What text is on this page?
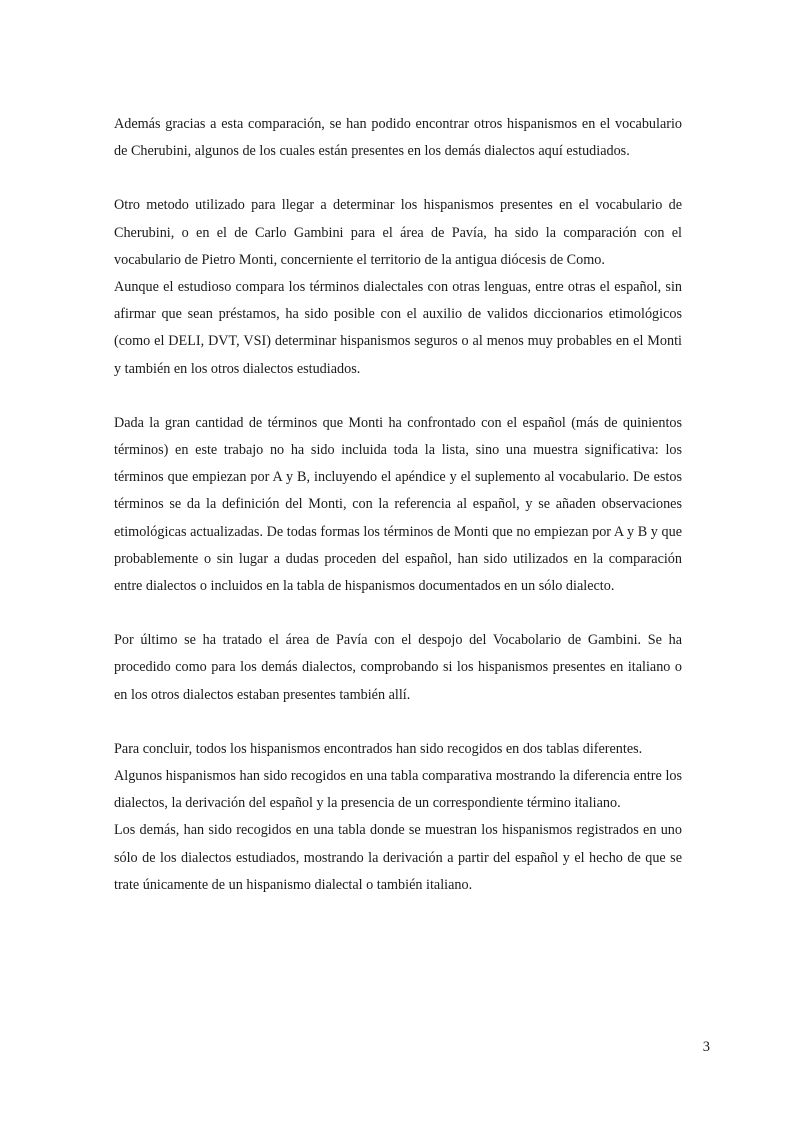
Además gracias a esta comparación, se han podido encontrar otros hispanismos en el vocabulario de Cherubini, algunos de los cuales están presentes en los demás dialectos aquí estudiados.

Otro metodo utilizado para llegar a determinar los hispanismos presentes en el vocabulario de Cherubini, o en el de Carlo Gambini para el área de Pavía, ha sido la comparación con el vocabulario de Pietro Monti, concerniente el territorio de la antigua diócesis de Como.

Aunque el estudioso compara los términos dialectales con otras lenguas, entre otras el español, sin afirmar que sean préstamos, ha sido posible con el auxilio de validos diccionarios etimológicos (como el DELI, DVT, VSI) determinar hispanismos seguros o al menos muy probables en el Monti y también en los otros dialectos estudiados.

Dada la gran cantidad de términos que Monti ha confrontado con el español (más de quinientos términos) en este trabajo no ha sido incluida toda la lista, sino una muestra significativa: los términos que empiezan por A y B, incluyendo el apéndice y el suplemento al vocabulario. De estos términos se da la definición del Monti, con la referencia al español, y se añaden observaciones etimológicas actualizadas. De todas formas los términos de Monti que no empiezan por A y B y que probablemente o sin lugar a dudas proceden del español, han sido utilizados en la comparación entre dialectos o incluidos en la tabla de hispanismos documentados en un sólo dialecto.

Por último se ha tratado el área de Pavía con el despojo del Vocabolario de Gambini. Se ha procedido como para los demás dialectos, comprobando si los hispanismos presentes en italiano o en los otros dialectos estaban presentes también allí.

Para concluir, todos los hispanismos encontrados han sido recogidos en dos tablas diferentes.

Algunos hispanismos han sido recogidos en una tabla comparativa mostrando la diferencia entre los dialectos, la derivación del español y la presencia de un correspondiente término italiano.

Los demás, han sido recogidos en una tabla donde se muestran los hispanismos registrados en uno sólo de los dialectos estudiados, mostrando la derivación a partir del español y el hecho de que se trate únicamente de un hispanismo dialectal o también italiano.

3
